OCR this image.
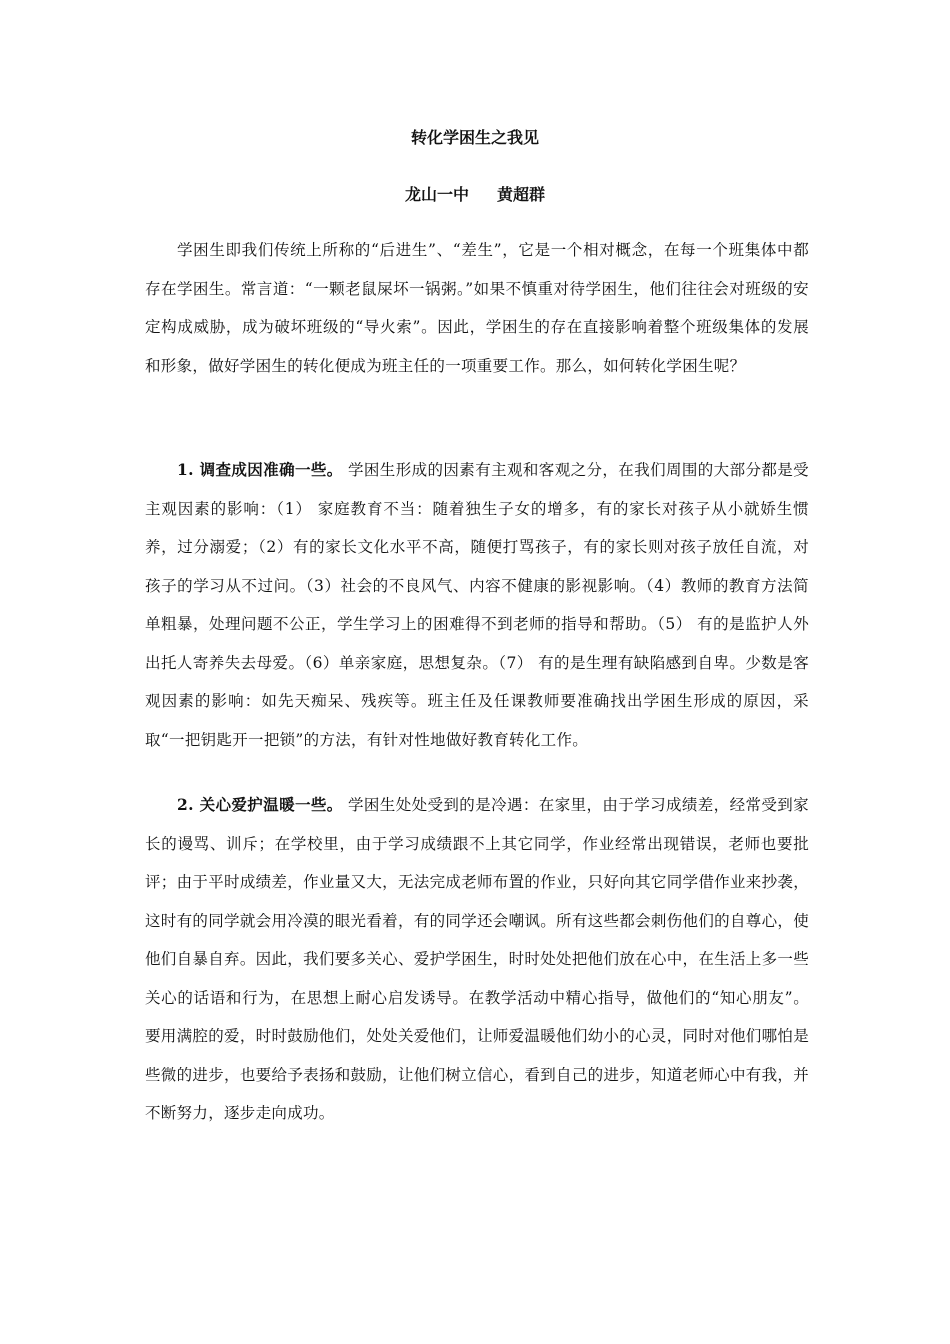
转化学困生之我见
龙山一中 黄超群

学困生即我们传统上所称的“后进生”、“差生”，它是一个相对概念，在每一个班集体中都存在学困生。常言道：“一颗老鼠屎坏一锅粥。”如果不慎重对待学困生，他们往往会对班级的安定构成威胁，成为破坏班级的“导火索”。因此，学困生的存在直接影响着整个班级集体的发展和形象，做好学困生的转化便成为班主任的一项重要工作。那么，如何转化学困生呢？

1. 调查成因准确一些。 学困生形成的因素有主观和客观之分，在我们周围的大部分都是受主观因素的影响：（1） 家庭教育不当：随着独生子女的增多，有的家长对孩子从小就娇生惯养，过分溺爱；（2）有的家长文化水平不高，随便打骂孩子，有的家长则对孩子放任自流，对孩子的学习从不过问。（3）社会的不良风气、内容不健康的影视影响。（4）教师的教育方法简单粗暴，处理问题不公正，学生学习上的困难得不到老师的指导和帮助。（5） 有的是监护人外出托人寄养失去母爱。（6）单亲家庭，思想复杂。（7） 有的是生理有缺陷感到自卑。少数是客观因素的影响：如先天痴呆、残疾等。班主任及任课教师要准确找出学困生形成的原因，采取“一把钥匙开一把锁”的方法，有针对性地做好教育转化工作。

2. 关心爱护温暖一些。 学困生处处受到的是冷遇：在家里，由于学习成绩差，经常受到家长的谩骂、训斥；在学校里，由于学习成绩跟不上其它同学，作业经常出现错误，老师也要批评；由于平时成绩差，作业量又大，无法完成老师布置的作业，只好向其它同学借作业来抄袭，这时有的同学就会用冷漠的眼光看着，有的同学还会嘲讽。所有这些都会刺伤他们的自尊心，使他们自暴自弃。因此，我们要多关心、爱护学困生，时时处处把他们放在心中，在生活上多一些关心的话语和行为，在思想上耐心启发诱导。在教学活动中精心指导，做他们的“知心朋友”。要用满腔的爱，时时鼓励他们，处处关爱他们，让师爱温暖他们幼小的心灵，同时对他们哪怕是些微的进步，也要给予表扬和鼓励，让他们树立信心，看到自己的进步，知道老师心中有我，并不断努力，逐步走向成功。
